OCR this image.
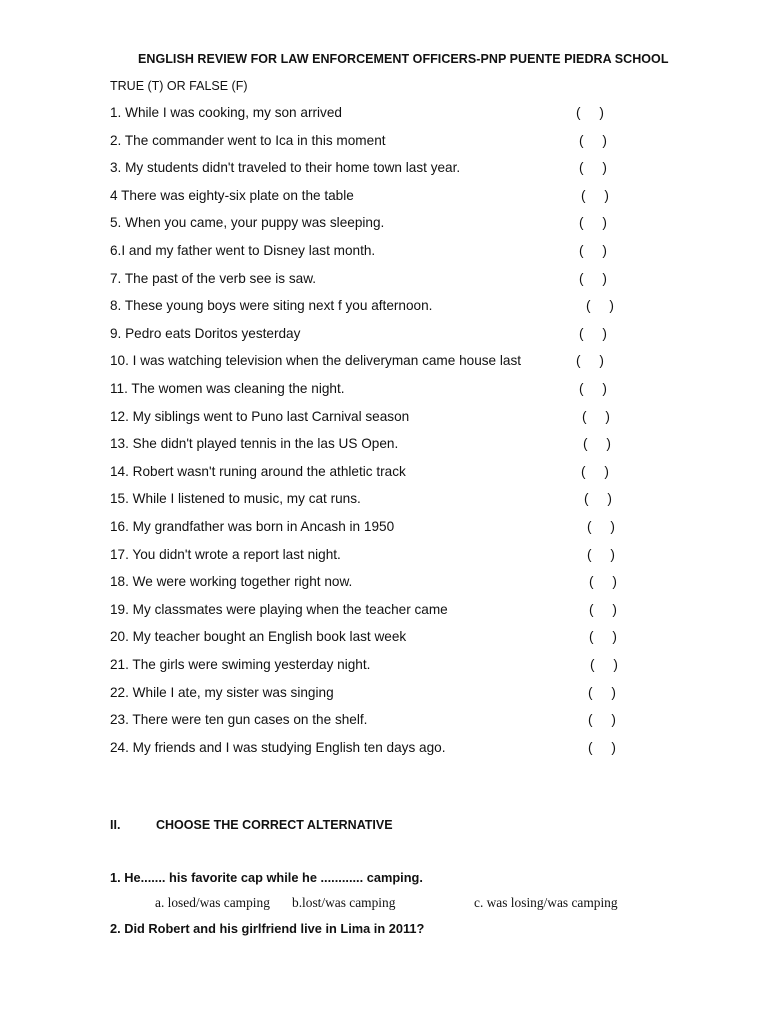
ENGLISH REVIEW FOR LAW ENFORCEMENT OFFICERS-PNP PUENTE PIEDRA SCHOOL
TRUE (T) OR FALSE (F)
1. While I was cooking, my son arrived	(     )
2. The commander went to Ica in this moment	(     )
3. My students didn't traveled to their home town last year.	(     )
4 There was eighty-six plate on the table	(     )
5. When you came, your puppy was sleeping.	(     )
6.I and my father went to Disney last month.	(     )
7. The past of the verb see is saw.	(     )
8. These young boys were siting next f you afternoon.	(     )
9. Pedro eats Doritos yesterday	(     )
10. I was watching television when the deliveryman came house last	(     )
11. The women was cleaning the night.	(     )
12. My siblings went to Puno last Carnival season	(     )
13. She didn't played tennis in the las US Open.	(     )
14. Robert wasn't runing around the athletic track	(     )
15. While I listened to music, my cat runs.	(     )
16. My grandfather was born in Ancash in 1950	(     )
17. You didn't wrote a report last night.	(     )
18. We were working together right now.	(     )
19. My classmates were playing when the teacher came	(     )
20. My teacher bought an English book last week	(     )
21. The girls were swiming yesterday night.	(     )
22. While I ate, my sister was singing	(     )
23. There were ten gun cases on the shelf.	(     )
24. My friends and I was studying English ten days ago.	(     )
II.	CHOOSE THE CORRECT ALTERNATIVE
1. He....... his favorite cap while he ............ camping.
a. losed/was camping b.lost/was camping	c. was losing/was camping
2. Did Robert and his girlfriend live in Lima in 2011?
